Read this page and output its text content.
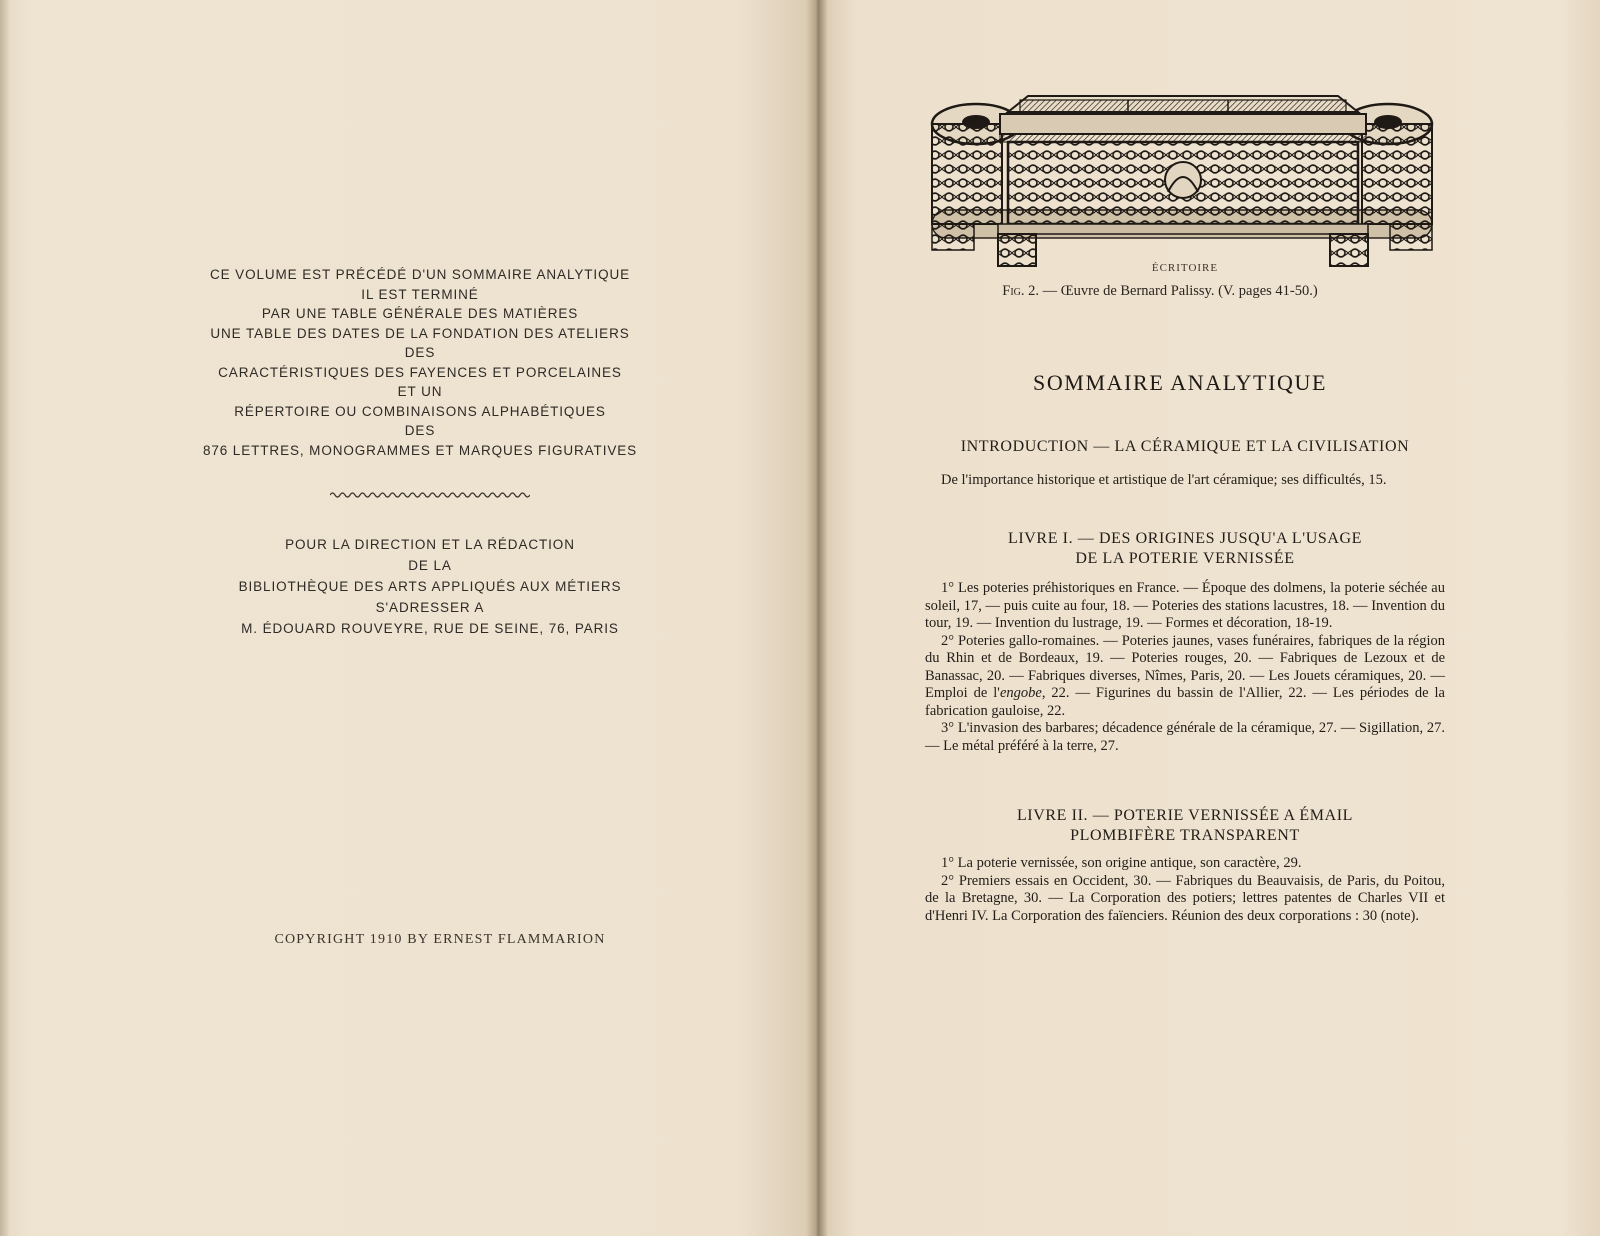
CE VOLUME EST PRÉCÉDÉ D'UN SOMMAIRE ANALYTIQUE
IL EST TERMINÉ
PAR UNE TABLE GÉNÉRALE DES MATIÈRES
UNE TABLE DES DATES DE LA FONDATION DES ATELIERS
DES
CARACTÉRISTIQUES DES FAYENCES ET PORCELAINES
ET UN
RÉPERTOIRE OU COMBINAISONS ALPHABÉTIQUES
DES
876 LETTRES, MONOGRAMMES ET MARQUES FIGURATIVES
POUR LA DIRECTION ET LA RÉDACTION
DE LA
BIBLIOTHÈQUE DES ARTS APPLIQUÉS AUX MÉTIERS
S'ADRESSER A
M. ÉDOUARD ROUVEYRE, RUE DE SEINE, 76, PARIS
COPYRIGHT 1910 BY ERNEST FLAMMARION
ÉCRITOIRE
Fig. 2. — Œuvre de Bernard Palissy. (V. pages 41-50.)
SOMMAIRE ANALYTIQUE
INTRODUCTION — LA CÉRAMIQUE ET LA CIVILISATION

De l'importance historique et artistique de l'art céramique; ses difficultés, 15.

LIVRE I. — DES ORIGINES JUSQU'A L'USAGE
DE LA POTERIE VERNISSÉE

1° Les poteries préhistoriques en France. — Époque des dolmens, la poterie séchée au soleil, 17, — puis cuite au four, 18. — Poteries des stations lacustres, 18. — Invention du tour, 19. — Invention du lustrage, 19. — Formes et décoration, 18-19.

2° Poteries gallo-romaines. — Poteries jaunes, vases funéraires, fabriques de la région du Rhin et de Bordeaux, 19. — Poteries rouges, 20. — Fabriques de Lezoux et de Banassac, 20. — Fabriques diverses, Nîmes, Paris, 20. — Les Jouets céramiques, 20. — Emploi de l'engobe, 22. — Figurines du bassin de l'Allier, 22. — Les périodes de la fabrication gauloise, 22.

3° L'invasion des barbares; décadence générale de la céramique, 27. — Sigillation, 27. — Le métal préféré à la terre, 27.

LIVRE II. — POTERIE VERNISSÉE A ÉMAIL
PLOMBIFÈRE TRANSPARENT

1° La poterie vernissée, son origine antique, son caractère, 29.

2° Premiers essais en Occident, 30. — Fabriques du Beauvaisis, de Paris, du Poitou, de la Bretagne, 30. — La Corporation des potiers; lettres patentes de Charles VII et d'Henri IV. La Corporation des faïenciers. Réunion des deux corporations : 30 (note).
